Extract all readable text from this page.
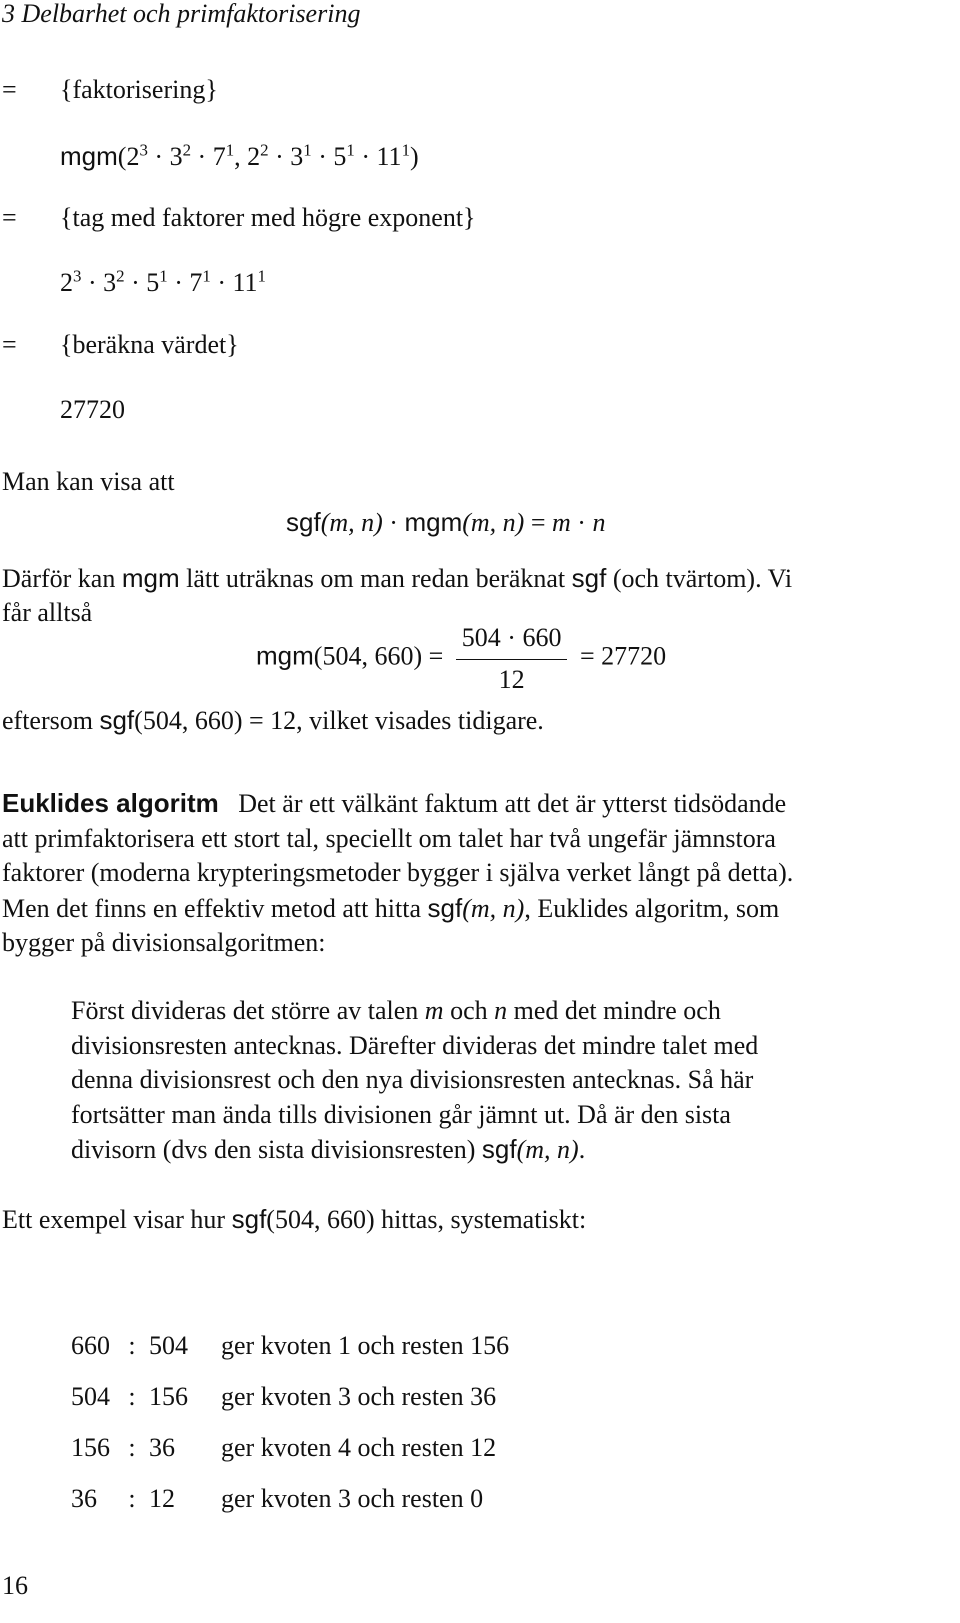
3 Delbarhet och primfaktorisering
= {faktorisering}
$mgm(2^3 \cdot 3^2 \cdot 7^1$, $2^2 \cdot 3^1 \cdot 5^1 \cdot 11^1$)
= {tag med faktorer med högre exponent}
$2^3 \cdot 3^2 \cdot 5^1 \cdot 7^1 \cdot 11^1$
= {beräkna värdet}
27720
Man kan visa att
sgf(m, n) · mgm(m, n) = m · n
Därför kan mgm lätt uträknas om man redan beräknat sgf (och tvärtom). Vi
får alltså
mgm(504, $660) = \frac{504 \cdot 660}{12} = 27720$
eftersom sgf(504, 660) = 12, vilket visades tidigare.
Euklides algoritm Det är ett välkänt faktum att det är ytterst tidsödande
att primfaktorisera ett stort tal, speciellt om talet har två ungefär jämnstora
faktorer (moderna krypteringsmetoder bygger i själva verket långt på detta).
Men det finns en effektiv metod att hitta sgf(m, n), Euklides algoritm, som
bygger på divisionsalgoritmen:
Först divideras det större av talen m och n med det mindre och
divisionsresten antecknas. Därefter divideras det mindre talet med
denna divisionsrest och den nya divisionsresten antecknas. Så här
fortsätter man ända tills divisionen går jämnt ut. Då är den sista
divisorn (dvs den sista divisionsresten) sgf(m, n).
Ett exempel visar hur sgf(504, 660) hittas, systematiskt:
660	:	504	ger kvoten 1 och resten 156
504	:	156	ger kvoten 3 och resten 36
156	:	36	ger kvoten 4 och resten 12
36	:	12	ger kvoten 3 och resten 0
16
